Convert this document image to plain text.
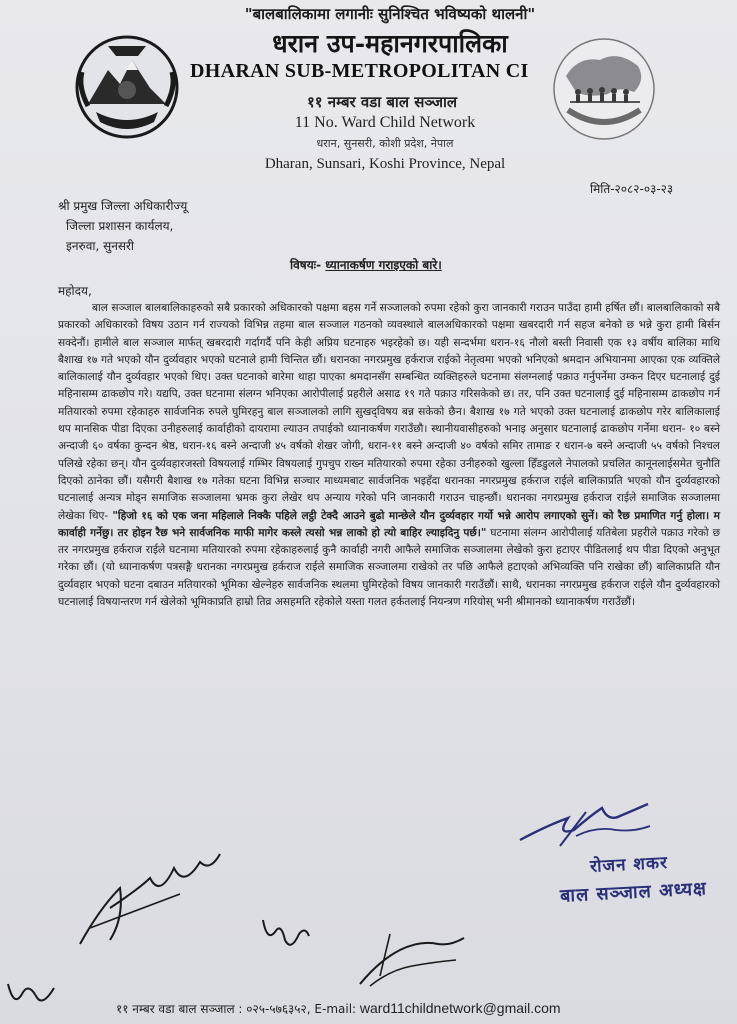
"बालबालिकामा लगानीः सुनिश्चित भविष्यको थालनी"
धरान उप-महानगरपालिका
DHARAN SUB-METROPOLITAN CI
११ नम्बर वडा बाल सञ्जाल
11 No. Ward Child Network
धरान, सुनसरी, कोशी प्रदेश, नेपाल
Dharan, Sunsari, Koshi Province, Nepal
मिति-२०८२-०३-२३
श्री प्रमुख जिल्ला अधिकारीज्यू
जिल्ला प्रशासन कार्यलय,
इनरुवा, सुनसरी
विषयः- ध्यानाकर्षण गराइएको बारे।
महोदय,

बाल सञ्जाल बालबालिकाहरुको सबै प्रकारको अधिकारको पक्षमा बहस गर्ने सञ्जालको रुपमा रहेको कुरा जानकारी गराउन पाउँदा हामी हर्षित छौं। बालबालिकाको सबै प्रकारको अधिकारको विषय उठान गर्न राज्यको विभिन्न तहमा बाल सञ्जाल गठनको व्यवस्थाले बालअधिकारको पक्षमा खबरदारी गर्न सहज बनेको छ भन्ने कुरा हामी बिर्सन सक्देनौं। हामीले बाल सञ्जाल मार्फत् खबरदारी गर्दागर्दै पनि केही अप्रिय घटनाहरु भइरहेको छ। यही सन्दर्भमा धरान-१६ नौलो बस्ती निवासी एक १३ वर्षीय बालिका माथि बैशाख १७ गते भएको यौन दुर्व्यवहार भएको घटनाले हामी चिन्तित छौं। धरानका नगरप्रमुख हर्कराज राईको नेतृत्वमा भएको भनिएको श्रमदान अभियानमा आएका एक व्यक्तिले बालिकालाई यौन दुर्व्यवहार भएको थिए। उक्त घटनाको बारेमा थाहा पाएका श्रमदानसँग सम्बन्धित व्यक्तिहरुले घटनामा संलग्नलाई पक्राउ गर्नुपर्नेमा उम्कन दिएर घटनालाई दुई महिनासम्म ढाकछोप गरे। यद्यपि, उक्त घटनामा संलग्न भनिएका आरोपीलाई प्रहरीले असाढ १९ गते पक्राउ गरिसकेको छ। तर, पनि उक्त घटनालाई दुई महिनासम्म ढाकछोप गर्न मतियारको रुपमा रहेकाहरु सार्वजनिक रुपले घुमिरहनु बाल सञ्जालको लागि सुखद्‌विषय बन्न सकेको छैन। बैशाख १७ गते भएको उक्त घटनालाई ढाकछोप गरेर बालिकालाई थप मानसिक पीडा दिएका उनीहरुलाई कार्वाहीको दायरामा ल्याउन तपाईको ध्यानाकर्षण गराउँछौ। स्थानीयवासीहरुको भनाइ अनुसार घटनालाई ढाकछोप गर्नेमा धरान- १० बस्ने अन्दाजी ६० वर्षका कुन्दन श्रेष्ठ, धरान-१६ बस्ने अन्दाजी ४५ वर्षको शेखर जोगी, धरान-११ बस्ने अन्दाजी ४० वर्षको समिर तामाङ र धरान-७ बस्ने अन्दाजी ५५ वर्षको निश्चल पलिखे रहेका छन्। यौन दुर्व्यवहारजस्तो विषयलाई गम्भिर विषयलाई गुपचुप राख्न मतियारको रुपमा रहेका उनीहरुको खुल्ला हिँडडुलले नेपालको प्रचलित कानूनलाईसमेत चुनौति दिएको ठानेका छौं। यसैगरी बैशाख १७ गतेका घटना विभिन्न सञ्चार माध्यमबाट सार्वजनिक भइहँदा धरानका नगरप्रमुख हर्कराज राईले बालिकाप्रति भएको यौन दुर्व्यवहारको घटनालाई अन्यत्र मोड्न समाजिक सञ्जालमा भ्रमक कुरा लेखेर थप अन्याय गरेको पनि जानकारी गराउन चाहन्छौं। धरानका नगरप्रमुख हर्कराज राईले समाजिक सञ्जालमा लेखेका थिए- "हिजो १६ को एक जना महिलाले निक्कै पहिले लट्ठी टेक्दै आउने बुढो मान्छेले यौन दुर्व्यवहार गर्यो भन्ने आरोप लगाएको सुनें। को रैछ प्रमाणित गर्नु होला। म कार्वाही गर्नेछु। तर होइन रैछ भने सार्वजनिक माफी मागेर कस्ले त्यसो भन्न लाको हो त्यो बाहिर ल्याइदिनु पर्छ।" घटनामा संलग्न आरोपीलाई यतिबेला प्रहरीले पक्राउ गरेको छ तर नगरप्रमुख हर्कराज राईले घटनामा मतियारको रुपमा रहेकाहरुलाई कुनै कार्वाही नगरी आफैले समाजिक सञ्जालमा लेखेको कुरा हटाएर पीडितलाई थप पीडा दिएको अनुभूत गरेका छौं। (यो ध्यानाकर्षण पत्रसङ्गै धरानका नगरप्रमुख हर्कराज राईले समाजिक सञ्जालमा राखेको तर पछि आफैले हटाएको अभिव्यक्ति पनि राखेका छौं) बालिकाप्रति यौन दुर्व्यवहार भएको घटना दबाउन मतियारको भूमिका खेल्नेहरु सार्वजनिक स्थलमा घुमिरहेको विषय जानकारी गराउँछौं। साथै, धरानका नगरप्रमुख हर्कराज राईले यौन दुर्व्यवहारको घटनालाई विषयान्तरण गर्न खेलेको भूमिकाप्रति हाम्रो तिव्र असहमति रहेकोले यस्ता गलत हर्कतलाई नियन्त्रण गरियोस् भनी श्रीमानको ध्यानाकर्षण गराउँछौं।

रोजन शकर
बाल सञ्जाल अध्यक्ष
११ नम्बर वडा बाल सञ्जाल : ०२५-५७६३५२, E-mail: ward11childnetwork@gmail.com
